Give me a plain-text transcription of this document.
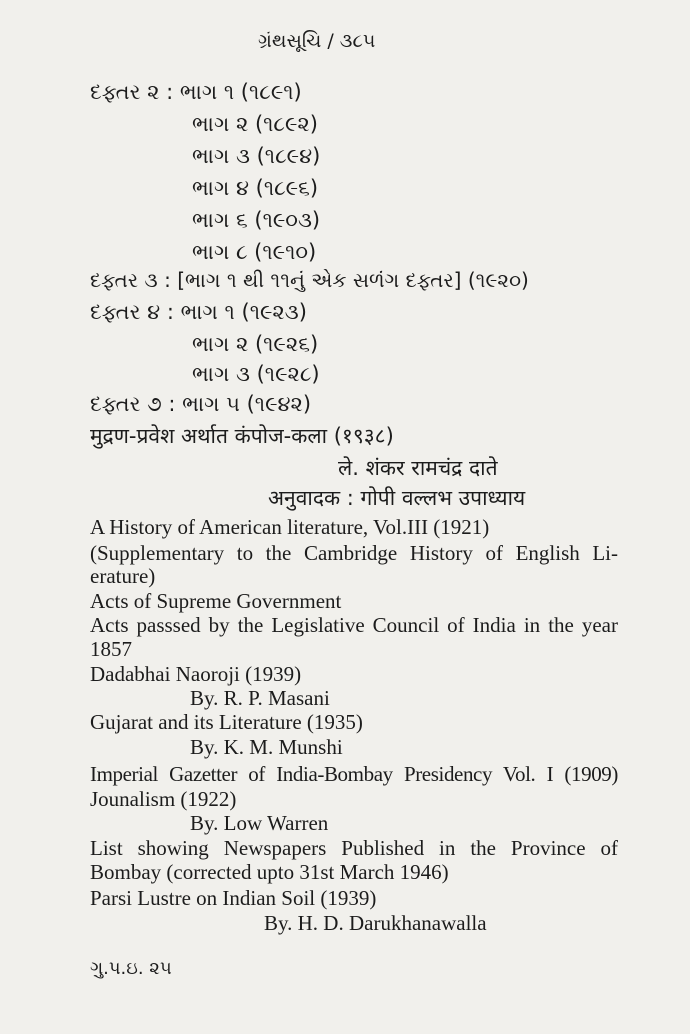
ગ્રંથસૂચિ / ૩૮૫
દફ્તર ૨ : ભાગ ૧ (૧૮૯૧)
ભાગ ૨ (૧૮૯૨)
ભાગ ૩ (૧૮૯૪)
ભાગ ૪ (૧૮૯૬)
ભાગ ૬ (૧૯૦૩)
ભાગ ૮ (૧૯૧૦)
દફ્તર ૩ : [ભાગ ૧ થી ૧૧નું એક સળંગ દફ્તર] (૧૯૨૦)
દફ્તર ૪ : ભાગ ૧ (૧૯૨૩)
ભાગ ૨ (૧૯૨૬)
ભાગ ૩ (૧૯૨૮)
દફ્તર ૭ : ભાગ ૫ (૧૯૪૨)
मुद्रण-प्रवेश अर्थात कंपोज-कला (१९३८)
ले. शंकर रामचंद्र दाते
अनुवादक : गोपी वल्लभ उपाध्याय
A History of American literature, Vol.III (1921)
(Supplementary to the Cambridge History of English Li-
erature)
Acts of Supreme Government
Acts passsed by the Legislative Council of India in the year
1857
Dadabhai Naoroji (1939)
By. R. P. Masani
Gujarat and its Literature (1935)
By. K. M. Munshi
Imperial Gazetter of India-Bombay Presidency Vol. I (1909)
Jounalism (1922)
By. Low Warren
List showing Newspapers Published in the Province of
Bombay (corrected upto 31st March 1946)
Parsi Lustre on Indian Soil (1939)
By. H. D. Darukhanawalla
ગુ.પ.ઇ. ૨૫
